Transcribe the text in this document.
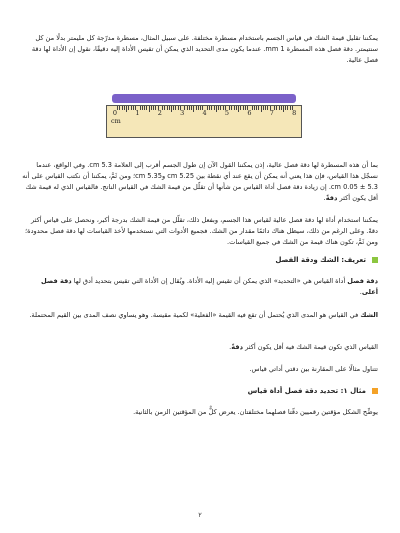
يمكننا تقليل قيمة الشك في قياس الجسم باستخدام مسطرة مختلفة. على سبيل المثال، مسطرة مدرّجة كل مليمتر بدلًا من كل سنتيمتر. دقة فصل هذه المسطرة 1 mm. عندما يكون مدى التحديد الذي يمكن أن تقيس الأداة إليه دقيقًا، نقول إن الأداة لها دقة فصل عالية.

cm
0	1	2	3	4	5	6	7	8

بما أن هذه المسطرة لها دقة فصل عالية، إذن يمكننا القول الآن إن طول الجسم أقرب إلى العلامة 5.3 cm. وفي الواقع، عندما نسجّل هذا القياس، فإن هذا يعني أنه يمكن أن يقع عند أي نقطة بين 5.25 cm و5.35 cm؛ ومن ثَمَّ، يمكننا أن نكتب القياس على أنه 5.3 ± 0.05 cm. إن زيادة دقة فصل أداة القياس من شأنها أن تقلّل من قيمة الشك في القياس الناتج. فالقياس الذي له قيمة شك أقل يكون أكثر دقةً.

يمكننا استخدام أداة لها دقة فصل عالية لقياس هذا الجسم، وبفعل ذلك، تقلّل من قيمة الشك بدرجة أكبر، ونحصل على قياس أكثر دقةً. وعلى الرغم من ذلك، سيظل هناك دائمًا مقدار من الشك. فجميع الأدوات التي نستخدمها لأخذ القياسات لها دقة فصل محدودة؛ ومن ثَمَّ، تكون هناك قيمة من الشك في جميع القياسات.

تعريف: الشك ودقة الفصل

دقة فصل أداة القياس هي «التحديد» الذي يمكن أن تقيس إليه الأداة. ويُقال إن الأداة التي تقيس بتحديد أدق لها دقة فصل أعلى.

الشك في القياس هو المدى الذي يُحتمل أن تقع فيه القيمة «الفعلية» لكمية مقيسة. وهو يساوي نصف المدى بين القيم المحتملة.

القياس الذي تكون قيمة الشك فيه أقل يكون أكثر دقةً.

تتناول مثالًا على المقارنة بين دقتي أداتي قياس.

مثال ١: تحديد دقة فصل أداة قياس

يوضِّح الشكل مؤقتين رقميين دقّتا فصلهما مختلفتان. يعرض كلٌّ من المؤقتين الزمن بالثانية.

٢
